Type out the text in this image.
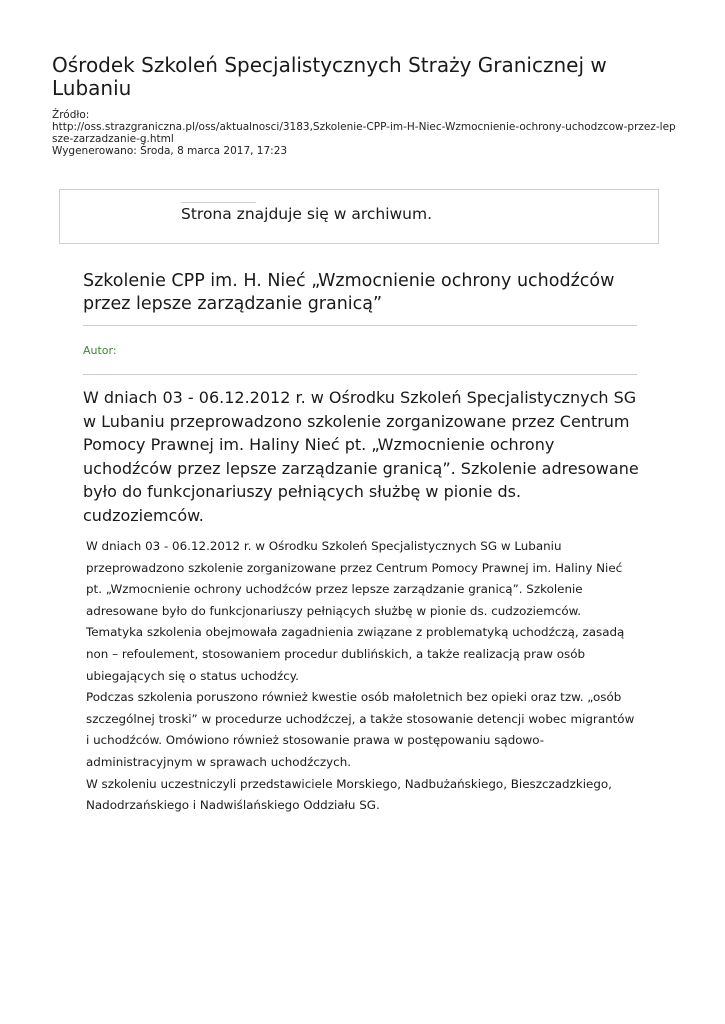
Ośrodek Szkoleń Specjalistycznych Straży Granicznej w Lubaniu
Źródło:
http://oss.strazgraniczna.pl/oss/aktualnosci/3183,Szkolenie-CPP-im-H-Niec-Wzmocnienie-ochrony-uchodzcow-przez-lepsze-zarzadzanie-g.html
Wygenerowano: Środa, 8 marca 2017, 17:23
Strona znajduje się w archiwum.
Szkolenie CPP im. H. Nieć „Wzmocnienie ochrony uchodźców przez lepsze zarządzanie granicą”
Autor:

W dniach 03 - 06.12.2012 r. w Ośrodku Szkoleń Specjalistycznych SG w Lubaniu przeprowadzono szkolenie zorganizowane przez Centrum Pomocy Prawnej im. Haliny Nieć pt. „Wzmocnienie ochrony uchodźców przez lepsze zarządzanie granicą”. Szkolenie adresowane było do funkcjonariuszy pełniących służbę w pionie ds. cudzoziemców.

W dniach 03 - 06.12.2012 r. w Ośrodku Szkoleń Specjalistycznych SG w Lubaniu przeprowadzono szkolenie zorganizowane przez Centrum Pomocy Prawnej im. Haliny Nieć pt. „Wzmocnienie ochrony uchodźców przez lepsze zarządzanie granicą”. Szkolenie adresowane było do funkcjonariuszy pełniących służbę w pionie ds. cudzoziemców. Tematyka szkolenia obejmowała zagadnienia związane z problematyką uchodźczą, zasadą non – refoulement, stosowaniem procedur dublińskich, a także realizacją praw osób ubiegających się o status uchodźcy.

Podczas szkolenia poruszono również kwestie osób małoletnich bez opieki oraz tzw. „osób szczególnej troski” w procedurze uchodźczej, a także stosowanie detencji wobec migrantów i uchodźców. Omówiono również stosowanie prawa w postępowaniu sądowo-administracyjnym w sprawach uchodźczych.

W szkoleniu uczestniczyli przedstawiciele Morskiego, Nadbużańskiego, Bieszczadzkiego, Nadodrzańskiego i Nadwiślańskiego Oddziału SG.
